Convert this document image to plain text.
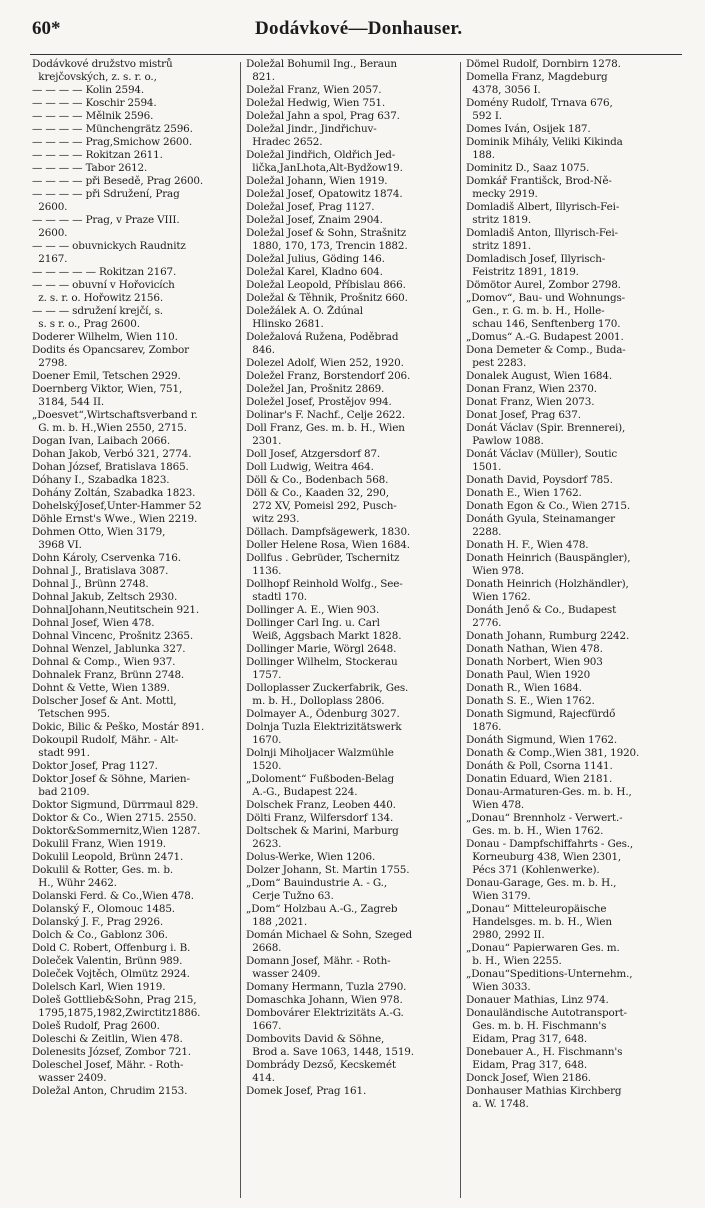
60*	Dodávkové—Donhauser.
Dodávkové družstvo mistrů
krejčovských, z. s. r. o.,
— — — — Kolin 2594.
— — — — Koschir 2594.
— — — — Mělnik 2596.
— — — — Münchengrätz 2596.
— — — — Prag,Smichow 2600.
— — — — Rokitzan 2611.
— — — — Tabor 2612.
— — — — při Besedě, Prag 2600.
— — — — při Sdružení, Prag
2600.
— — — — Prag, v Praze VIII.
2600.
— — — obuvnickych Raudnitz
2167.
— — — — — Rokitzan 2167.
— — — obuvní v Hořovicích
z. s. r. o. Hořowitz 2156.
— — — sdružení krejčí, s.
s. s r. o., Prag 2600.
Doderer Wilhelm, Wien 110.
Dodits és Opancsarev, Zombor
2798.
Doener Emil, Tetschen 2929.
Doernberg Viktor, Wien, 751,
3184, 544 II.
„Doesvet“,Wirtschaftsverband r.
G. m. b. H.,Wien 2550, 2715.
Dogan Ivan, Laibach 2066.
Dohan Jakob, Verbó 321, 2774.
Dohan József, Bratislava 1865.
Dóhany I., Szabadka 1823.
Dohány Zoltán, Szabadka 1823.
DohelskýJosef,Unter-Hammer 52
Döhle Ernst's Wwe., Wien 2219.
Dohmen Otto, Wien 3179,
3968 VI.
Dohn Károly, Cservenka 716.
Dohnal J., Bratislava 3087.
Dohnal J., Brünn 2748.
Dohnal Jakub, Zeltsch 2930.
DohnalJohann,Neutitschein 921.
Dohnal Josef, Wien 478.
Dohnal Vincenc, Prošnitz 2365.
Dohnal Wenzel, Jablunka 327.
Dohnal & Comp., Wien 937.
Dohnalek Franz, Brünn 2748.
Dohnt & Vette, Wien 1389.
Dolscher Josef & Ant. Mottl,
Tetschen 995.
Dokic, Bilic & Peško, Mostár 891.
Dokoupil Rudolf, Mähr. - Alt-
stadt 991.
Doktor Josef, Prag 1127.
Doktor Josef & Söhne, Marien-
bad 2109.
Doktor Sigmund, Dürrmaul 829.
Doktor & Co., Wien 2715. 2550.
Doktor&Sommernitz,Wien 1287.
Dokulil Franz, Wien 1919.
Dokulil Leopold, Brünn 2471.
Dokulil & Rotter, Ges. m. b.
H., Wühr 2462.
Dolanski Ferd. & Co.,Wien 478.
Dolanský F., Olomouc 1485.
Dolanský J. F., Prag 2926.
Dolch & Co., Gablonz 306.
Dold C. Robert, Offenburg i. B.
Doleček Valentin, Brünn 989.
Doleček Vojtěch, Olmütz 2924.
Dolelsch Karl, Wien 1919.
Doleš Gottlieb&Sohn, Prag 215,
1795,1875,1982,Zwirctitz1886.
Doleš Rudolf, Prag 2600.
Doleschi & Zeitlin, Wien 478.
Dolenesits József, Zombor 721.
Doleschel Josef, Mähr. - Roth-
wasser 2409.
Doležal Anton, Chrudim 2153.
Doležal Bohumil Ing., Beraun
821.
Doležal Franz, Wien 2057.
Doležal Hedwig, Wien 751.
Doležal Jahn a spol, Prag 637.
Doležal Jindr., Jindřichuv-
Hradec 2652.
Doležal Jindřich, Oldřich Jed-
lička,JanLhota,Alt-Bydžow19.
Doležal Johann, Wien 1919.
Doležal Josef, Opatowitz 1874.
Doležal Josef, Prag 1127.
Doležal Josef, Znaim 2904.
Doležal Josef & Sohn, Strašnitz
1880, 170, 173, Trencin 1882.
Doležal Julius, Göding 146.
Doležal Karel, Kladno 604.
Doležal Leopold, Příbislau 866.
Doležal & Těhnik, Prošnitz 660.
Doležálek A. O. Ždúnal
Hlinsko 2681.
Doležalová Ružena, Poděbrad
846.
Dolezel Adolf, Wien 252, 1920.
Doležel Franz, Borstendorf 206.
Doležel Jan, Prošnitz 2869.
Doležel Josef, Prostějov 994.
Dolinar's F. Nachf., Celje 2622.
Doll Franz, Ges. m. b. H., Wien
2301.
Doll Josef, Atzgersdorf 87.
Doll Ludwig, Weitra 464.
Döll & Co., Bodenbach 568.
Döll & Co., Kaaden 32, 290,
272 XV, Pomeisl 292, Pusch-
witz 293.
Döllach. Dampfsägewerk, 1830.
Doller Helene Rosa, Wien 1684.
Dollfus . Gebrüder, Tschernitz
1136.
Dollhopf Reinhold Wolfg., See-
stadtl 170.
Dollinger A. E., Wien 903.
Dollinger Carl Ing. u. Carl
Weiß, Aggsbach Markt 1828.
Dollinger Marie, Wörgl 2648.
Dollinger Wilhelm, Stockerau
1757.
Dolloplasser Zuckerfabrik, Ges.
m. b. H., Dolloplass 2806.
Dolmayer A., Ödenburg 3027.
Dolnja Tuzla Elektrizitätswerk
1670.
Dolnji Miholjacer Walzmühle
1520.
„Doloment“ Fußboden-Belag
A.-G., Budapest 224.
Dolschek Franz, Leoben 440.
Dölti Franz, Wilfersdorf 134.
Doltschek & Marini, Marburg
2623.
Dolus-Werke, Wien 1206.
Dolzer Johann, St. Martin 1755.
„Dom“ Bauindustrie A. - G.,
Cerje Tužno 63.
„Dom“ Holzbau A.-G., Zagreb
188 ,2021.
Domán Michael & Sohn, Szeged
2668.
Domann Josef, Mähr. - Roth-
wasser 2409.
Domany Hermann, Tuzla 2790.
Domaschka Johann, Wien 978.
Dombovárer Elektrizitäts A.-G.
1667.
Dombovits David & Söhne,
Brod a. Save 1063, 1448, 1519.
Dombrády Dezső, Kecskemét
414.
Domek Josef, Prag 161.
Dömel Rudolf, Dornbirn 1278.
Domella Franz, Magdeburg
4378, 3056 I.
Domény Rudolf, Trnava 676,
592 I.
Domes Iván, Osijek 187.
Dominik Mihály, Veliki Kikinda
188.
Dominitz D., Saaz 1075.
Domkář Františck, Brod-Ně-
mecky 2919.
Domladiš Albert, Illyrisch-Fei-
stritz 1819.
Domladiš Anton, Illyrisch-Fei-
stritz 1891.
Domladisch Josef, Illyrisch-
Feistritz 1891, 1819.
Dömötor Aurel, Zombor 2798.
„Domov“, Bau- und Wohnungs-
Gen., r. G. m. b. H., Holle-
schau 146, Senftenberg 170.
„Domus“ A.-G. Budapest 2001.
Dona Demeter & Comp., Buda-
pest 2283.
Donalek August, Wien 1684.
Donan Franz, Wien 2370.
Donat Franz, Wien 2073.
Donat Josef, Prag 637.
Donát Václav (Spir. Brennerei),
Pawlow 1088.
Donát Václav (Müller), Soutic
1501.
Donath David, Poysdorf 785.
Donath E., Wien 1762.
Donath Egon & Co., Wien 2715.
Donáth Gyula, Steinamanger
2288.
Donath H. F., Wien 478.
Donath Heinrich (Bauspängler),
Wien 978.
Donath Heinrich (Holzhändler),
Wien 1762.
Donáth Jenő & Co., Budapest
2776.
Donath Johann, Rumburg 2242.
Donath Nathan, Wien 478.
Donath Norbert, Wien 903
Donath Paul, Wien 1920
Donath R., Wien 1684.
Donath S. E., Wien 1762.
Donath Sigmund, Rajecfürdő
1876.
Donáth Sigmund, Wien 1762.
Donath & Comp.,Wien 381, 1920.
Donáth & Poll, Csorna 1141.
Donatin Eduard, Wien 2181.
Donau-Armaturen-Ges. m. b. H.,
Wien 478.
„Donau“ Brennholz - Verwert.-
Ges. m. b. H., Wien 1762.
Donau - Dampfschiffahrts - Ges.,
Korneuburg 438, Wien 2301,
Pécs 371 (Kohlenwerke).
Donau-Garage, Ges. m. b. H.,
Wien 3179.
„Donau“ Mitteleuropäische
Handelsges. m. b. H., Wien
2980, 2992 II.
„Donau“ Papierwaren Ges. m.
b. H., Wien 2255.
„Donau“Speditions-Unternehm.,
Wien 3033.
Donauer Mathias, Linz 974.
Donauländische Autotransport-
Ges. m. b. H. Fischmann's
Eidam, Prag 317, 648.
Donebauer A., H. Fischmann's
Eidam, Prag 317, 648.
Donck Josef, Wien 2186.
Donhauser Mathias Kirchberg
a. W. 1748.
